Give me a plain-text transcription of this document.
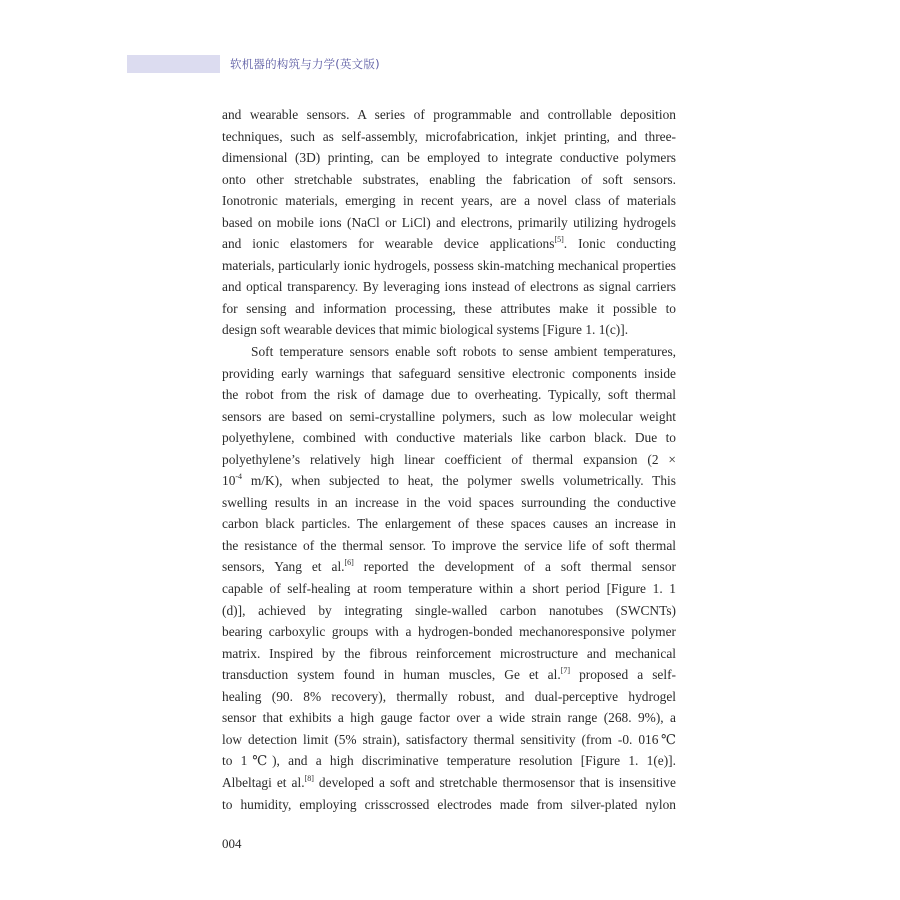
软机器的构筑与力学(英文版)

and wearable sensors. A series of programmable and controllable deposition
techniques, such as self-assembly, microfabrication, inkjet printing, and three-
dimensional (3D) printing, can be employed to integrate conductive polymers
onto other stretchable substrates, enabling the fabrication of soft sensors.
Ionotronic materials, emerging in recent years, are a novel class of materials
based on mobile ions (NaCl or LiCl) and electrons, primarily utilizing hydrogels
and ionic elastomers for wearable device applications[5]. Ionic conducting
materials, particularly ionic hydrogels, possess skin-matching mechanical properties
and optical transparency. By leveraging ions instead of electrons as signal carriers
for sensing and information processing, these attributes make it possible to
design soft wearable devices that mimic biological systems [Figure 1. 1(c)].

Soft temperature sensors enable soft robots to sense ambient temperatures,
providing early warnings that safeguard sensitive electronic components inside
the robot from the risk of damage due to overheating. Typically, soft thermal
sensors are based on semi-crystalline polymers, such as low molecular weight
polyethylene, combined with conductive materials like carbon black. Due to
polyethylene’s relatively high linear coefficient of thermal expansion (2 ×
$10^{-4}$ m/K), when subjected to heat, the polymer swells volumetrically. This
swelling results in an increase in the void spaces surrounding the conductive
carbon black particles. The enlargement of these spaces causes an increase in
the resistance of the thermal sensor. To improve the service life of soft thermal
sensors, Yang et al.[6] reported the development of a soft thermal sensor
capable of self-healing at room temperature within a short period [Figure 1. 1
(d)], achieved by integrating single-walled carbon nanotubes (SWCNTs)
bearing carboxylic groups with a hydrogen-bonded mechanoresponsive polymer
matrix. Inspired by the fibrous reinforcement microstructure and mechanical
transduction system found in human muscles, Ge et al.[7] proposed a self-
healing (90. 8% recovery), thermally robust, and dual-perceptive hydrogel
sensor that exhibits a high gauge factor over a wide strain range (268. 9%), a
low detection limit (5% strain), satisfactory thermal sensitivity (from -0. 016℃
to 1℃), and a high discriminative temperature resolution [Figure 1. 1(e)].
Albeltagi et al.[8] developed a soft and stretchable thermosensor that is insensitive
to humidity, employing crisscrossed electrodes made from silver-plated nylon

004
